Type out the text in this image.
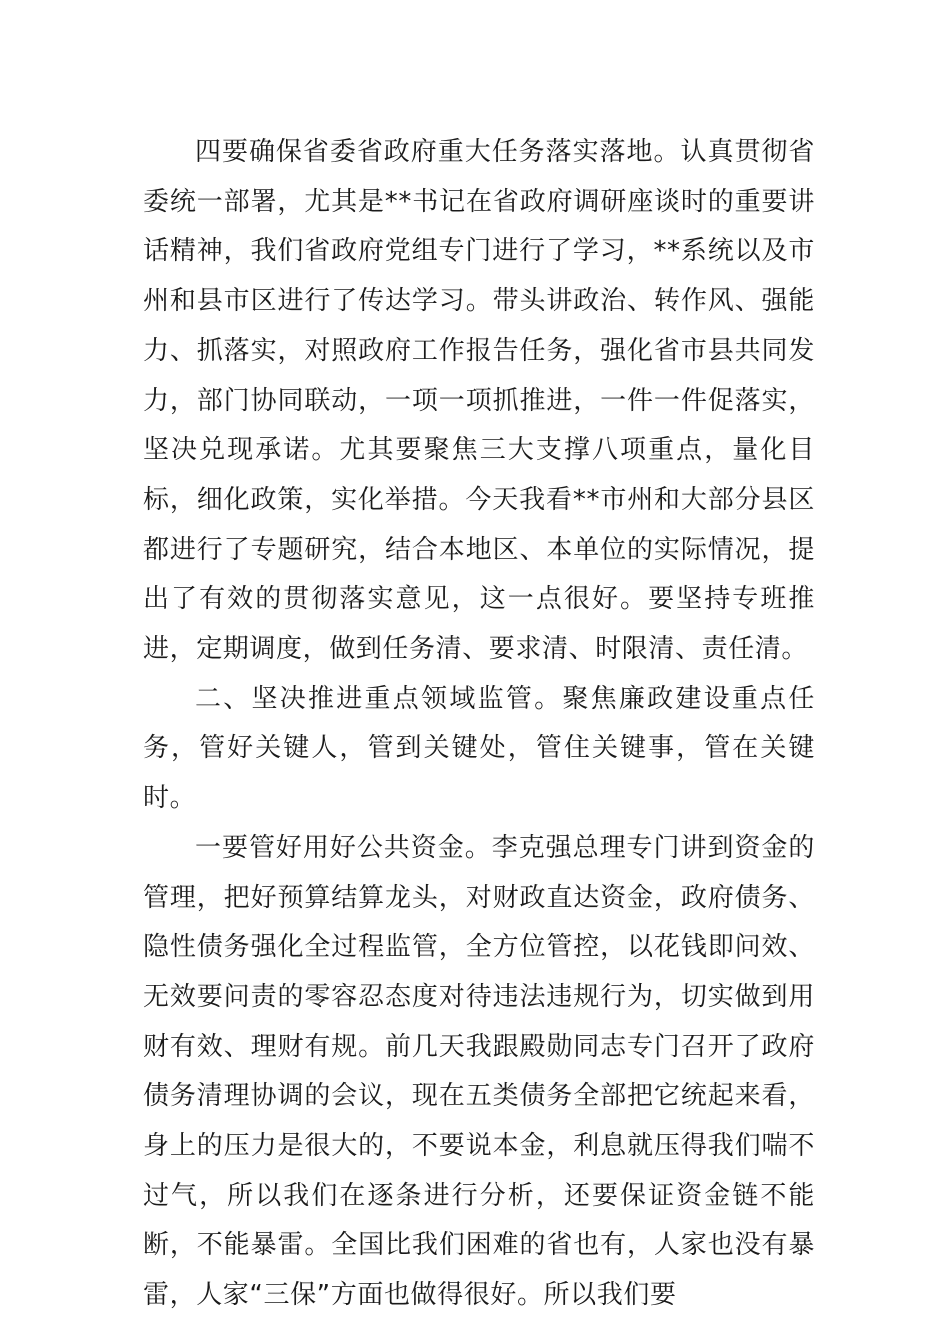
四要确保省委省政府重大任务落实落地。认真贯彻省委统一部署，尤其是**书记在省政府调研座谈时的重要讲话精神，我们省政府党组专门进行了学习，**系统以及市州和县市区进行了传达学习。带头讲政治、转作风、强能力、抓落实，对照政府工作报告任务，强化省市县共同发力，部门协同联动，一项一项抓推进，一件一件促落实，坚决兑现承诺。尤其要聚焦三大支撑八项重点，量化目标，细化政策，实化举措。今天我看**市州和大部分县区都进行了专题研究，结合本地区、本单位的实际情况，提出了有效的贯彻落实意见，这一点很好。要坚持专班推进，定期调度，做到任务清、要求清、时限清、责任清。

二、坚决推进重点领域监管。聚焦廉政建设重点任务，管好关键人，管到关键处，管住关键事，管在关键时。

一要管好用好公共资金。李克强总理专门讲到资金的管理，把好预算结算龙头，对财政直达资金，政府债务、隐性债务强化全过程监管，全方位管控，以花钱即问效、无效要问责的零容忍态度对待违法违规行为，切实做到用财有效、理财有规。前几天我跟殿勋同志专门召开了政府债务清理协调的会议，现在五类债务全部把它统起来看，身上的压力是很大的，不要说本金，利息就压得我们喘不过气，所以我们在逐条进行分析，还要保证资金链不能断，不能暴雷。全国比我们困难的省也有，人家也没有暴雷，人家“三保”方面也做得很好。所以我们要
